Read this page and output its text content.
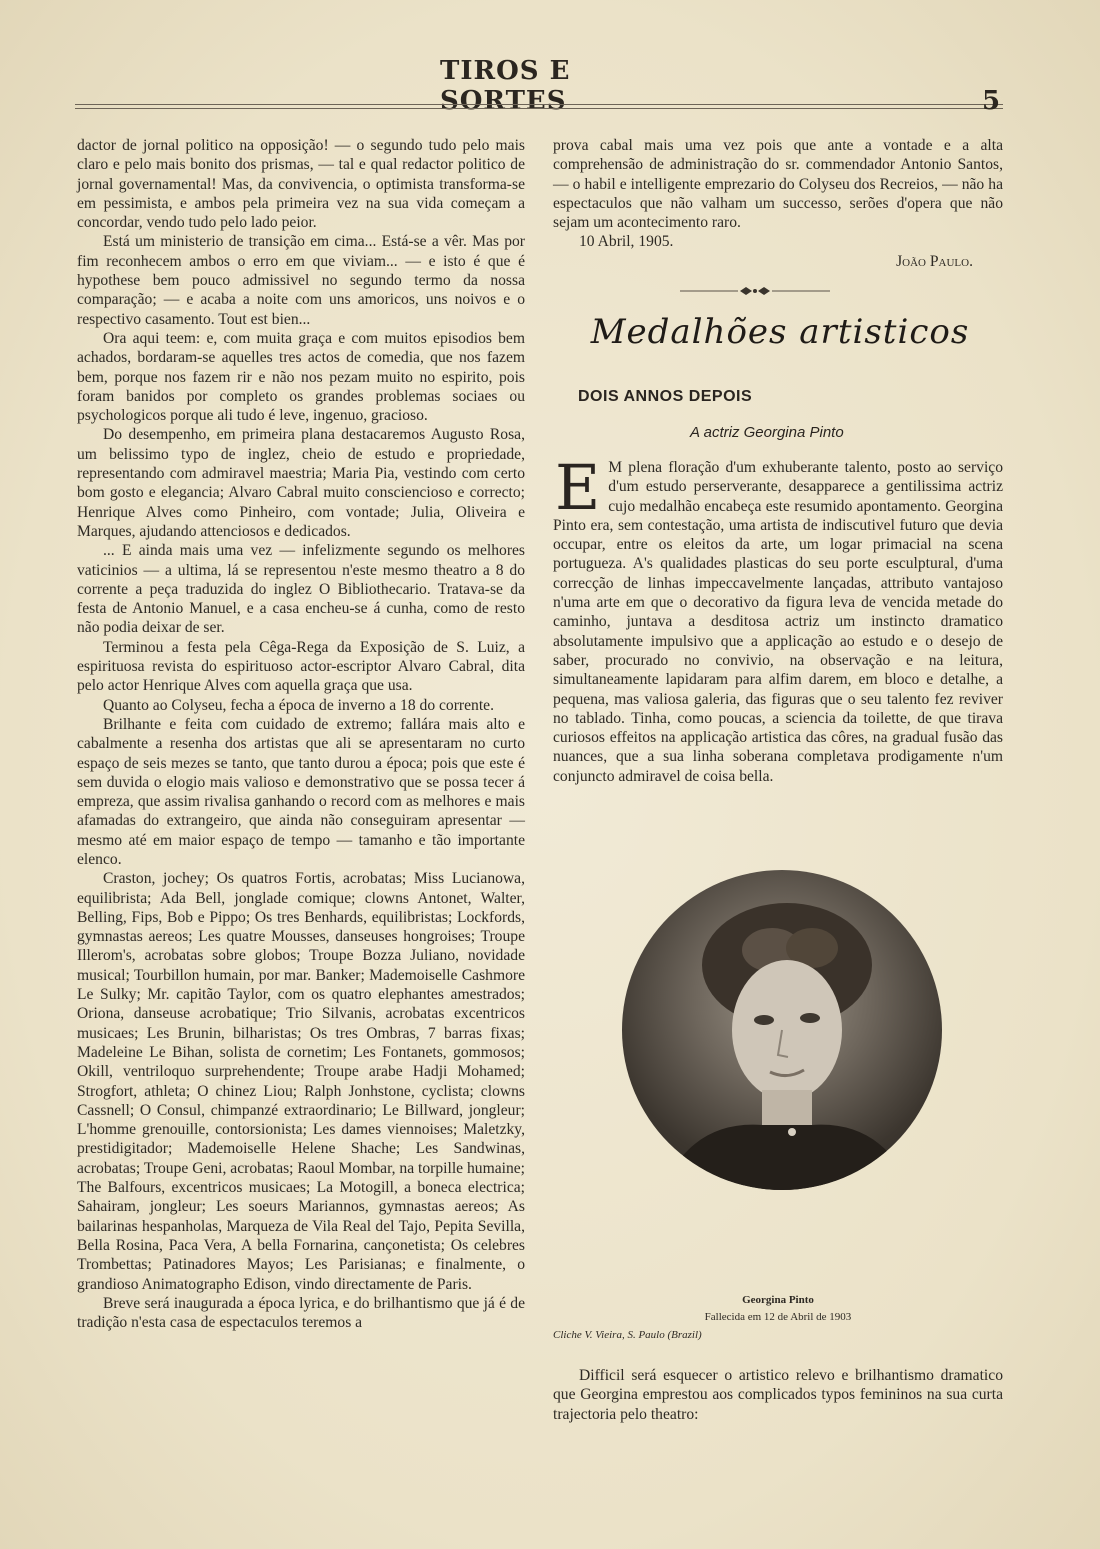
TIROS E SORTES	5

dactor de jornal politico na opposição! — o segundo tudo pelo mais claro e pelo mais bonito dos prismas, — tal e qual redactor politico de jornal governamental! Mas, da convivencia, o optimista transforma-se em pessimista, e ambos pela primeira vez na sua vida começam a concordar, vendo tudo pelo lado peior.

Está um ministerio de transição em cima... Está-se a vêr. Mas por fim reconhecem ambos o erro em que viviam... — e isto é que é hypothese bem pouco admissivel no segundo termo da nossa comparação; — e acaba a noite com uns amoricos, uns noivos e o respectivo casamento. Tout est bien...

Ora aqui teem: e, com muita graça e com muitos episodios bem achados, bordaram-se aquelles tres actos de comedia, que nos fazem bem, porque nos fazem rir e não nos pezam muito no espirito, pois foram banidos por completo os grandes problemas sociaes ou psychologicos porque ali tudo é leve, ingenuo, gracioso.

Do desempenho, em primeira plana destacaremos Augusto Rosa, um belissimo typo de inglez, cheio de estudo e propriedade, representando com admiravel maestria; Maria Pia, vestindo com certo bom gosto e elegancia; Alvaro Cabral muito consciencioso e correcto; Henrique Alves como Pinheiro, com vontade; Julia, Oliveira e Marques, ajudando attenciosos e dedicados.

... E ainda mais uma vez — infelizmente segundo os melhores vaticinios — a ultima, lá se representou n'este mesmo theatro a 8 do corrente a peça traduzida do inglez O Bibliothecario. Tratava-se da festa de Antonio Manuel, e a casa encheu-se á cunha, como de resto não podia deixar de ser.

Terminou a festa pela Cêga-Rega da Exposição de S. Luiz, a espirituosa revista do espirituoso actor-escriptor Alvaro Cabral, dita pelo actor Henrique Alves com aquella graça que usa.

Quanto ao Colyseu, fecha a época de inverno a 18 do corrente.

Brilhante e feita com cuidado de extremo; fallára mais alto e cabalmente a resenha dos artistas que ali se apresentaram no curto espaço de seis mezes se tanto, que tanto durou a época; pois que este é sem duvida o elogio mais valioso e demonstrativo que se possa tecer á empreza, que assim rivalisa ganhando o record com as melhores e mais afamadas do extrangeiro, que ainda não conseguiram apresentar — mesmo até em maior espaço de tempo — tamanho e tão importante elenco.

Craston, jochey; Os quatros Fortis, acrobatas; Miss Lucianowa, equilibrista; Ada Bell, jonglade comique; clowns Antonet, Walter, Belling, Fips, Bob e Pippo; Os tres Benhards, equilibristas; Lockfords, gymnastas aereos; Les quatre Mousses, danseuses hongroises; Troupe Illerom's, acrobatas sobre globos; Troupe Bozza Juliano, novidade musical; Tourbillon humain, por mar. Banker; Mademoiselle Cashmore Le Sulky; Mr. capitão Taylor, com os quatro elephantes amestrados; Oriona, danseuse acrobatique; Trio Silvanis, acrobatas excentricos musicaes; Les Brunin, bilharistas; Os tres Ombras, 7 barras fixas; Madeleine Le Bihan, solista de cornetim; Les Fontanets, gommosos; Okill, ventriloquo surprehendente; Troupe arabe Hadji Mohamed; Strogfort, athleta; O chinez Liou; Ralph Jonhstone, cyclista; clowns Cassnell; O Consul, chimpanzé extraordinario; Le Billward, jongleur; L'homme grenouille, contorsionista; Les dames viennoises; Maletzky, prestidigitador; Mademoiselle Helene Shache; Les Sandwinas, acrobatas; Troupe Geni, acrobatas; Raoul Mombar, na torpille humaine; The Balfours, excentricos musicaes; La Motogill, a boneca electrica; Sahairam, jongleur; Les soeurs Mariannos, gymnastas aereos; As bailarinas hespanholas, Marqueza de Vila Real del Tajo, Pepita Sevilla, Bella Rosina, Paca Vera, A bella Fornarina, cançonetista; Os celebres Trombettas; Patinadores Mayos; Les Parisianas; e finalmente, o grandioso Animatographo Edison, vindo directamente de Paris.

Breve será inaugurada a época lyrica, e do brilhantismo que já é de tradição n'esta casa de espectaculos teremos a

prova cabal mais uma vez pois que ante a vontade e a alta comprehensão de administração do sr. commendador Antonio Santos, — o habil e intelligente emprezario do Colyseu dos Recreios, — não ha espectaculos que não valham um successo, serões d'opera que não sejam um acontecimento raro.

10 Abril, 1905.

João Paulo.

Medalhões artisticos
DOIS ANNOS DEPOIS
A actriz Georgina Pinto
E M plena floração d'um exhuberante talento, posto ao serviço d'um estudo perserverante, desapparece a gentilissima actriz cujo medalhão encabeça este resumido apontamento. Georgina Pinto era, sem contestação, uma artista de indiscutivel futuro que devia occupar, entre os eleitos da arte, um logar primacial na scena portugueza. A's qualidades plasticas do seu porte esculptural, d'uma correcção de linhas impeccavelmente lançadas, attributo vantajoso n'uma arte em que o decorativo da figura leva de vencida metade do caminho, juntava a desditosa actriz um instincto dramatico absolutamente impulsivo que a applicação ao estudo e o desejo de saber, procurado no convivio, na observação e na leitura, simultaneamente lapidaram para alfim darem, em bloco e detalhe, a pequena, mas valiosa galeria, das figuras que o seu talento fez reviver no tablado. Tinha, como poucas, a sciencia da toilette, de que tirava curiosos effeitos na applicação artistica das côres, na gradual fusão das nuances, que a sua linha soberana completava prodigamente n'um conjuncto admiravel de coisa bella.

Georgina Pinto
Fallecida em 12 de Abril de 1903
Cliche V. Vieira, S. Paulo (Brazil)

Difficil será esquecer o artistico relevo e brilhantismo dramatico que Georgina emprestou aos complicados typos femininos na sua curta trajectoria pelo theatro:
